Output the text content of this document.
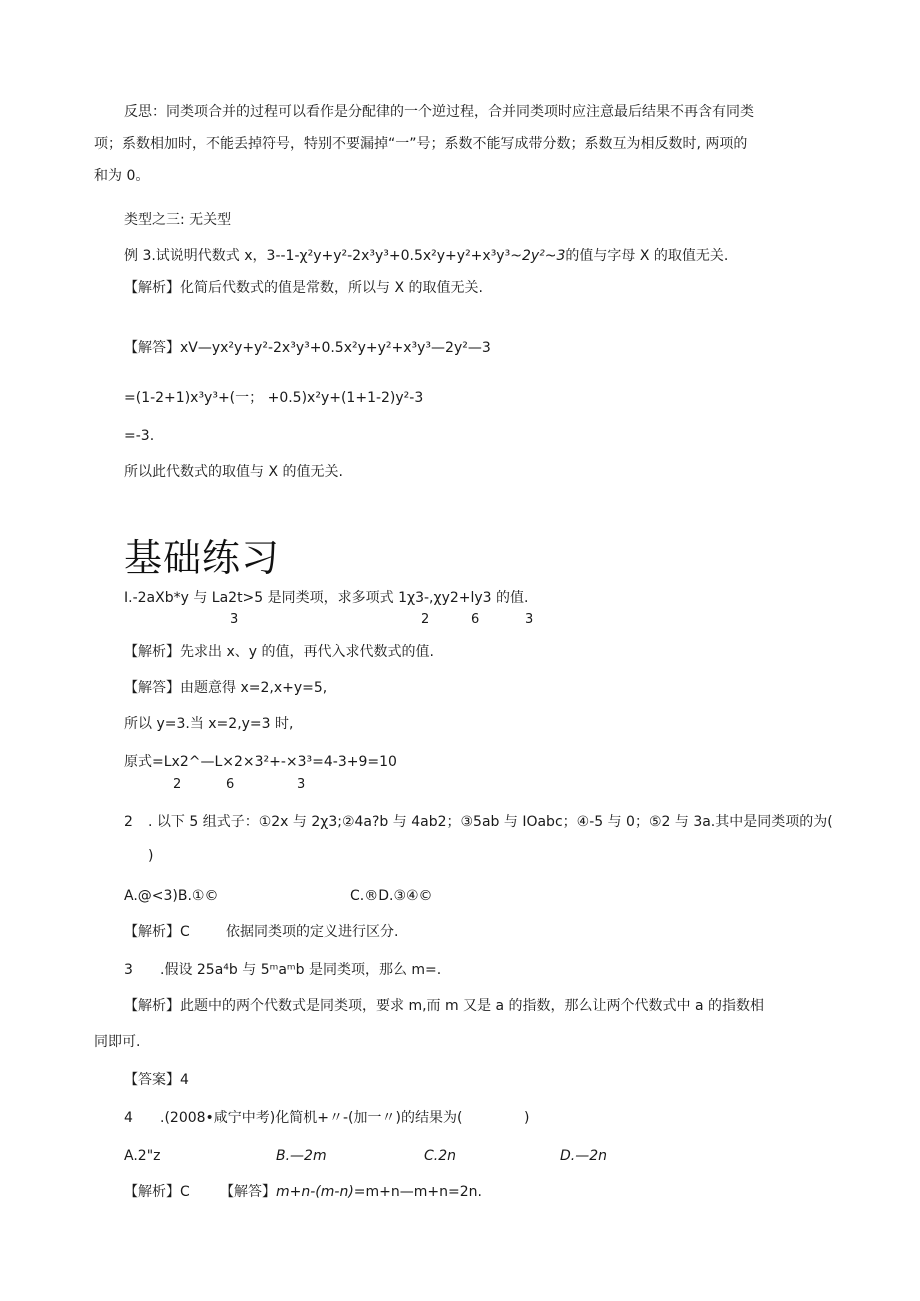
反思：同类项合并的过程可以看作是分配律的一个逆过程，合并同类项时应注意最后结果不再含有同类
项；系数相加时，不能丢掉符号，特别不要漏掉“一”号；系数不能写成带分数；系数互为相反数时, 两项的
和为 0。
类型之三: 无关型
例 3.试说明代数式 x，3--1-χ²y+y²-2x³y³+0.5x²y+y²+x³y³~2y²~3的值与字母 X 的取值无关.
【解析】化简后代数式的值是常数，所以与 X 的取值无关.
【解答】xV—yx²y+y²-2x³y³+0.5x²y+y²+x³y³—2y²—3
=(1-2+1)x³y³+(一； +0.5)x²y+(1+1-2)y²-3
=-3.
所以此代数式的取值与 X 的值无关.
基础练习
I.-2aXb*y 与 La2t>5 是同类项，求多项式 1χ3-,χy2+ly3 的值.
3	2	6	3
【解析】先求出 x、y 的值，再代入求代数式的值.
【解答】由题意得 x=2,x+y=5,
所以 y=3.当 x=2,y=3 时,
原式=Lx2^—L×2×3²+-×3³=4-3+9=10
2	6	3
2 . 以下 5 组式子：①2x 与 2χ3;②4a?b 与 4ab2；③5ab 与 IOabc；④-5 与 0；⑤2 与 3a.其中是同类项的为(
)
A.@<3)B.①©	C.®D.③④©
【解析】C	依据同类项的定义进行区分.
3 .假设 25a⁴b 与 5ᵐaᵐb 是同类项，那么 m=.
【解析】此题中的两个代数式是同类项，要求 m,而 m 又是 a 的指数，那么让两个代数式中 a 的指数相
同即可.
【答案】4
4 .(2008•咸宁中考)化简机+〃-(加一〃)的结果为(	)
A.2"z	B.—2m	C.2n	D.—2n
【解析】C 【解答】m+n-(m-n)=m+n—m+n=2n.
